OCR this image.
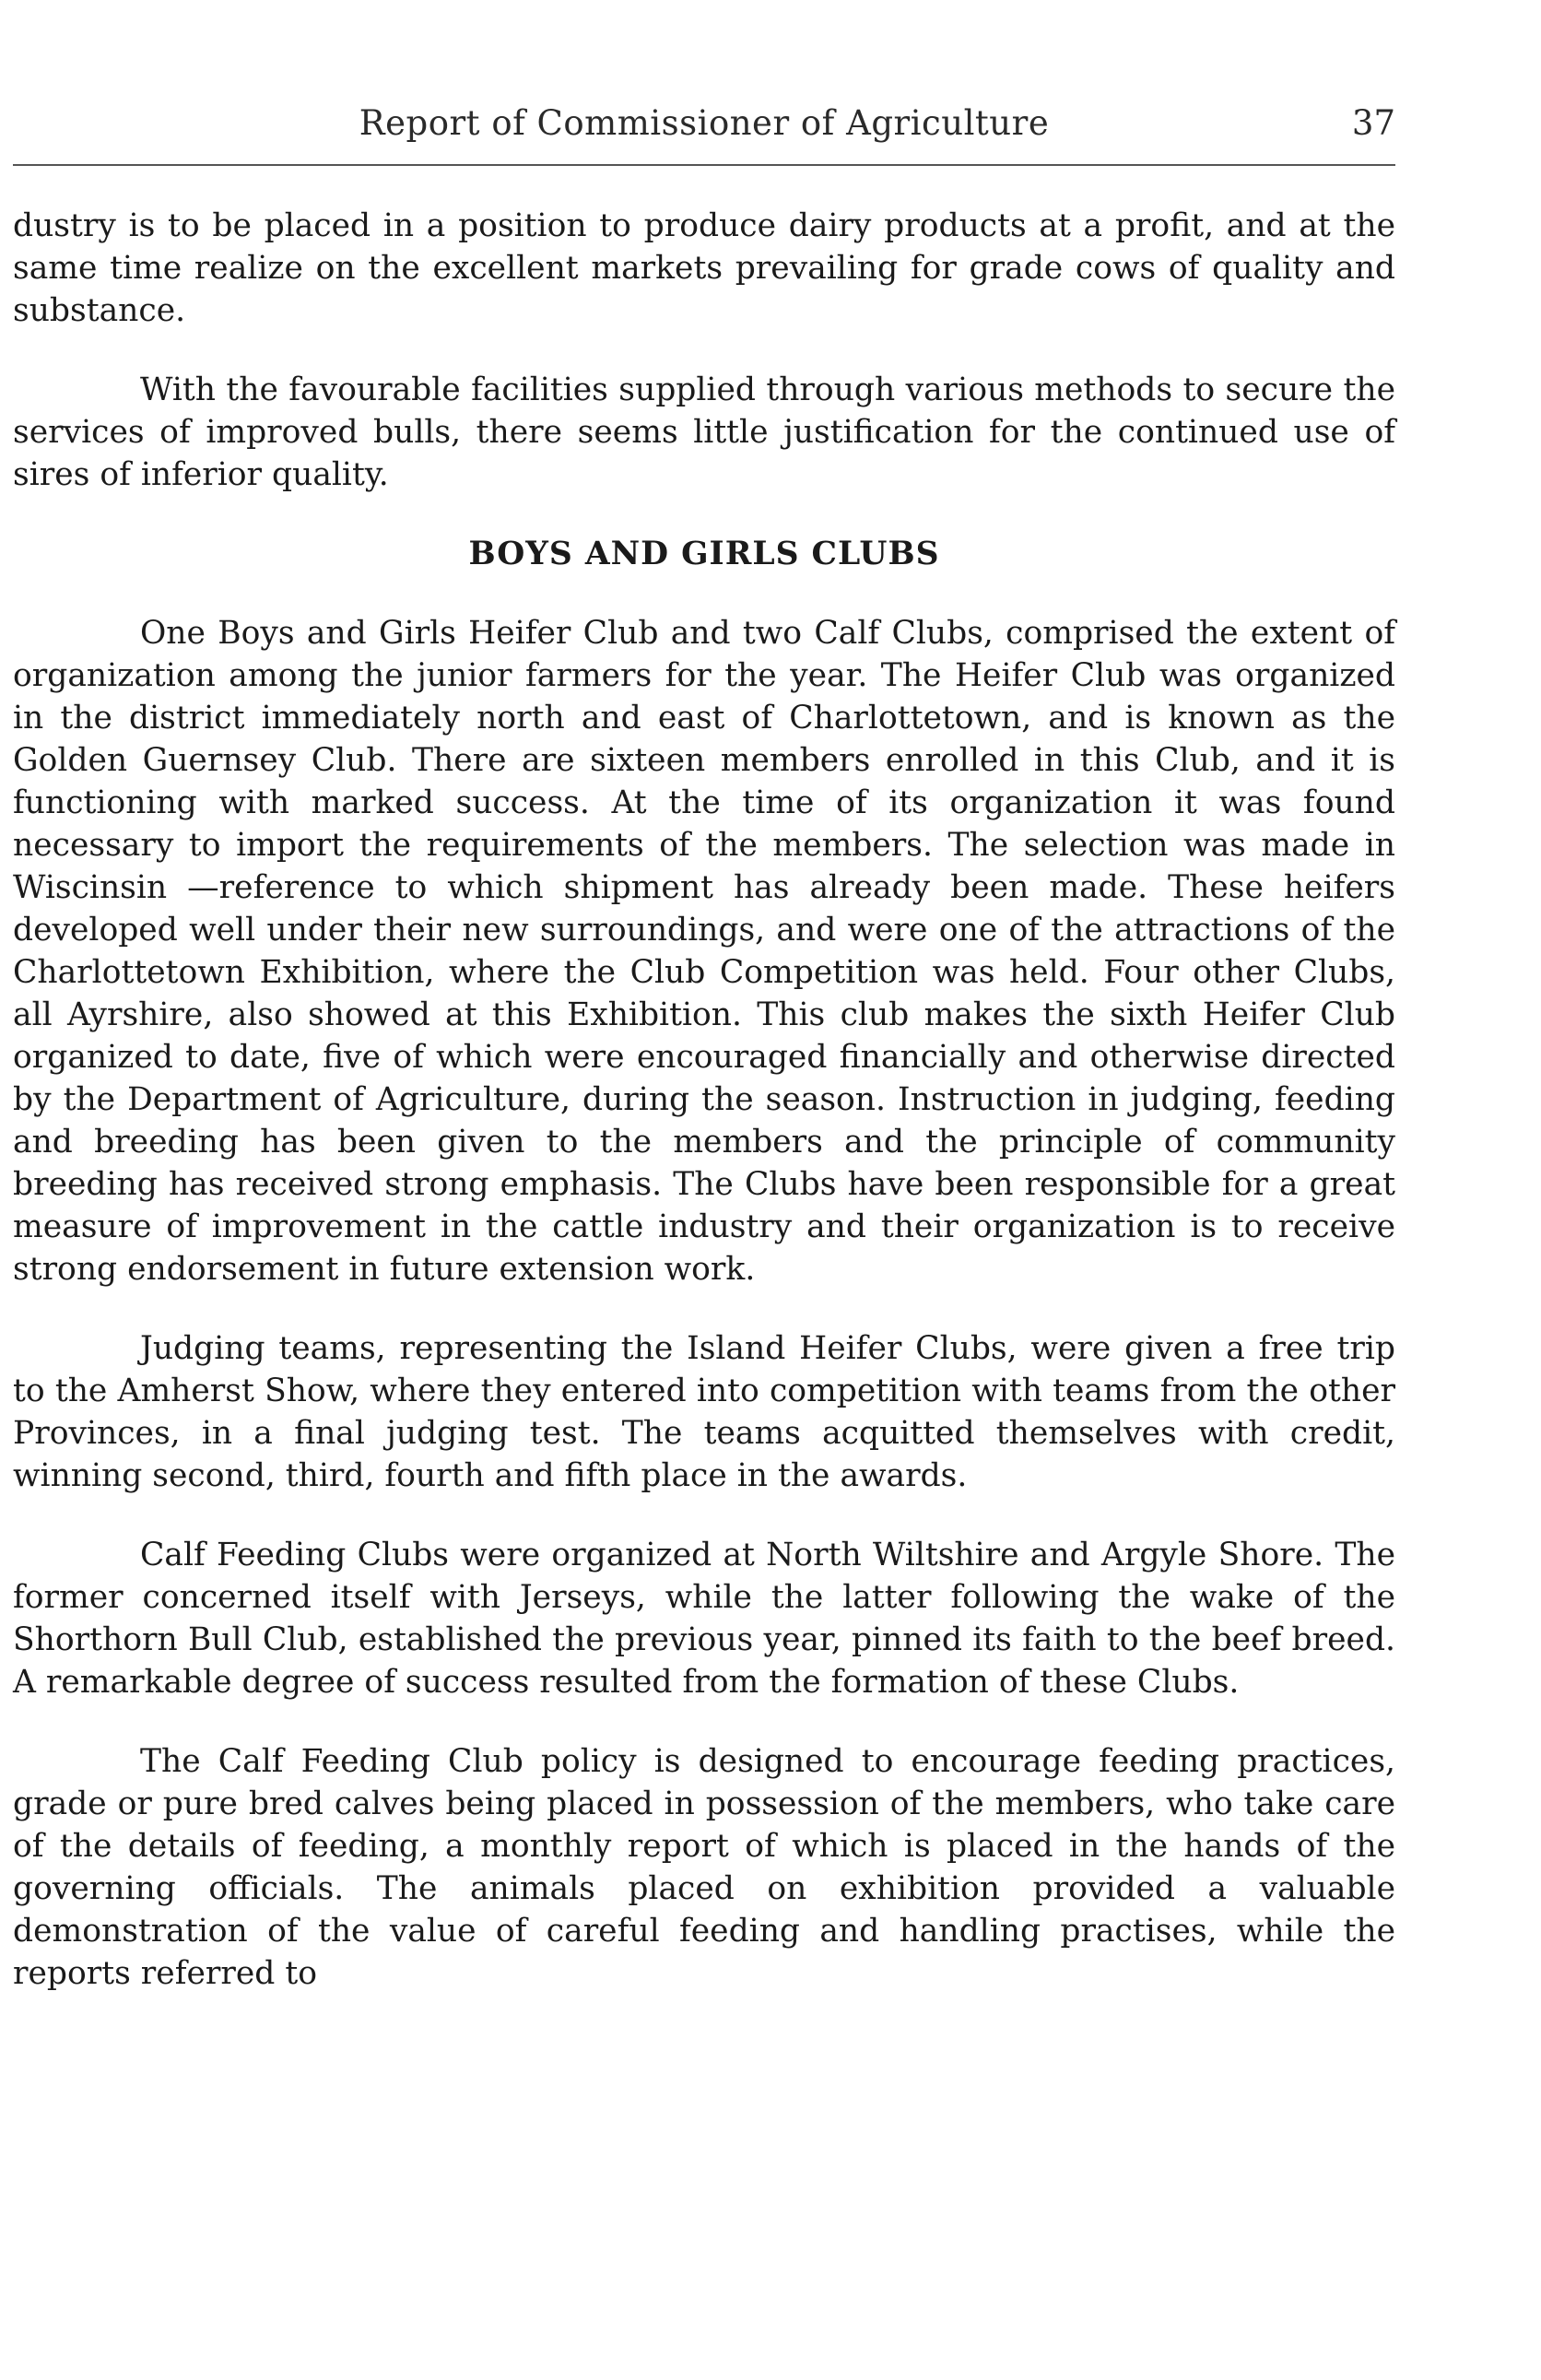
Report of Commissioner of Agriculture	37

dustry is to be placed in a position to produce dairy products at a profit, and at the same time realize on the excellent markets prevailing for grade cows of quality and substance.

With the favourable facilities supplied through various methods to secure the services of improved bulls, there seems little justification for the continued use of sires of inferior quality.

BOYS AND GIRLS CLUBS

One Boys and Girls Heifer Club and two Calf Clubs, comprised the extent of organization among the junior farmers for the year. The Heifer Club was organized in the district immediately north and east of Charlottetown, and is known as the Golden Guernsey Club. There are sixteen members enrolled in this Club, and it is functioning with marked success. At the time of its organization it was found necessary to import the requirements of the members. The selection was made in Wiscinsin —reference to which shipment has already been made. These heifers developed well under their new surroundings, and were one of the attractions of the Charlottetown Exhibition, where the Club Competition was held. Four other Clubs, all Ayrshire, also showed at this Exhibition. This club makes the sixth Heifer Club organized to date, five of which were encouraged financially and otherwise directed by the Department of Agriculture, during the season. Instruction in judging, feeding and breeding has been given to the members and the principle of community breeding has received strong emphasis. The Clubs have been responsible for a great measure of improvement in the cattle industry and their organization is to receive strong endorsement in future extension work.

Judging teams, representing the Island Heifer Clubs, were given a free trip to the Amherst Show, where they entered into competition with teams from the other Provinces, in a final judging test. The teams acquitted themselves with credit, winning second, third, fourth and fifth place in the awards.

Calf Feeding Clubs were organized at North Wiltshire and Argyle Shore. The former concerned itself with Jerseys, while the latter following the wake of the Shorthorn Bull Club, established the previous year, pinned its faith to the beef breed. A remarkable degree of success resulted from the formation of these Clubs.

The Calf Feeding Club policy is designed to encourage feeding practices, grade or pure bred calves being placed in possession of the members, who take care of the details of feeding, a monthly report of which is placed in the hands of the governing officials. The animals placed on exhibition provided a valuable demonstration of the value of careful feeding and handling practises, while the reports referred to
